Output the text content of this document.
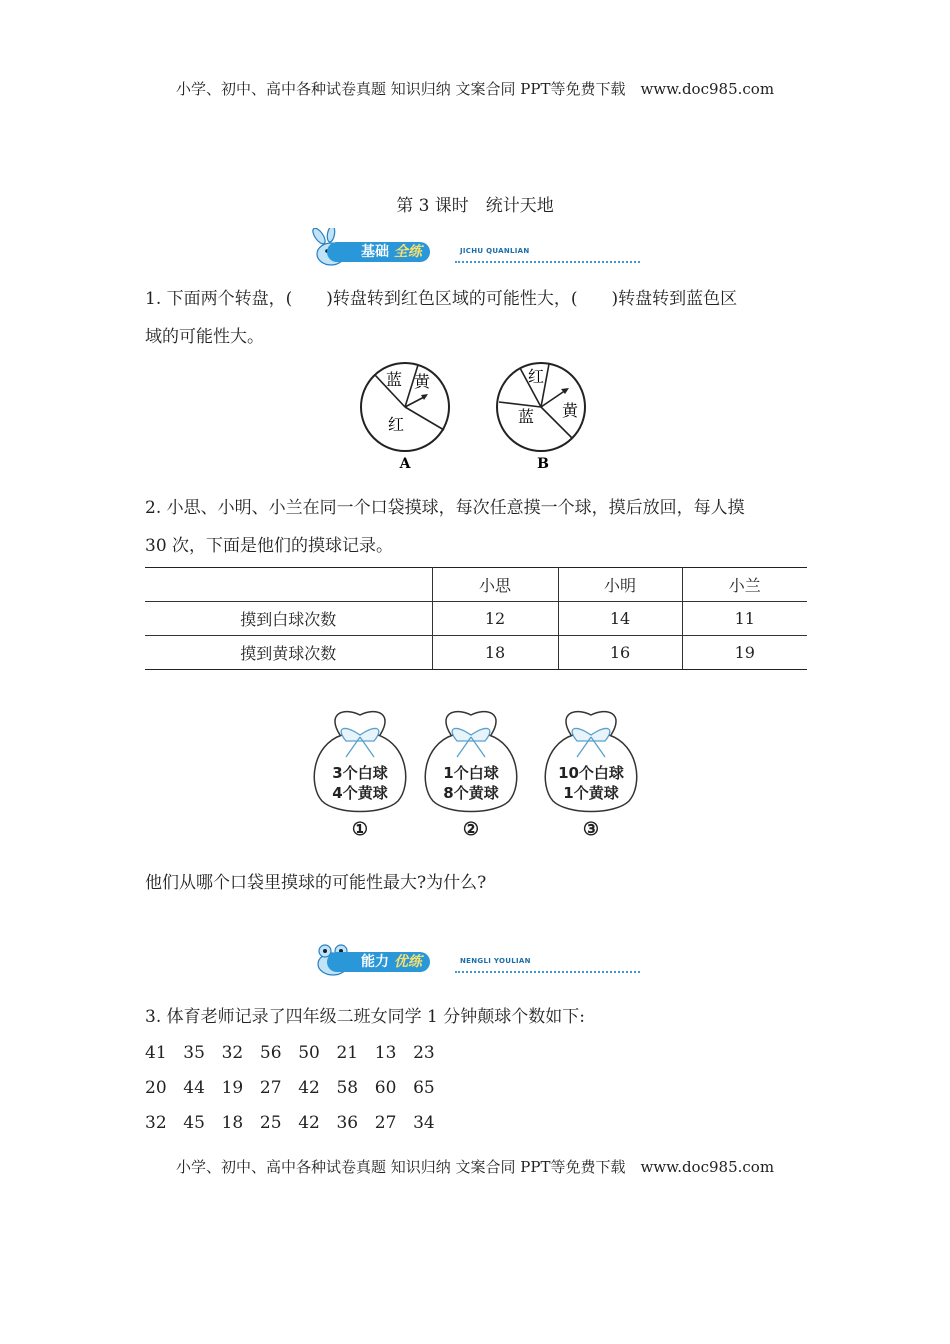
小学、初中、高中各种试卷真题 知识归纳 文案合同 PPT等免费下载　www.doc985.com
第 3 课时　统计天地
基础 全练	JICHU QUANLIAN
1. 下面两个转盘，(　　)转盘转到红色区域的可能性大，(　　)转盘转到蓝色区
域的可能性大。
蓝 黄
红
A
红
蓝 黄
B
2. 小思、小明、小兰在同一个口袋摸球，每次任意摸一个球，摸后放回，每人摸
30 次，下面是他们的摸球记录。
	小思	小明	小兰
摸到白球次数	12	14	11
摸到黄球次数	18	16	19
3个白球
4个黄球
①
1个白球
8个黄球
②
10个白球
1个黄球
③
他们从哪个口袋里摸球的可能性最大?为什么?
能力 优练	NENGLI YOULIAN
3. 体育老师记录了四年级二班女同学 1 分钟颠球个数如下:
41 35 32 56 50 21 13 23
20 44 19 27 42 58 60 65
32 45 18 25 42 36 27 34
小学、初中、高中各种试卷真题 知识归纳 文案合同 PPT等免费下载　www.doc985.com
